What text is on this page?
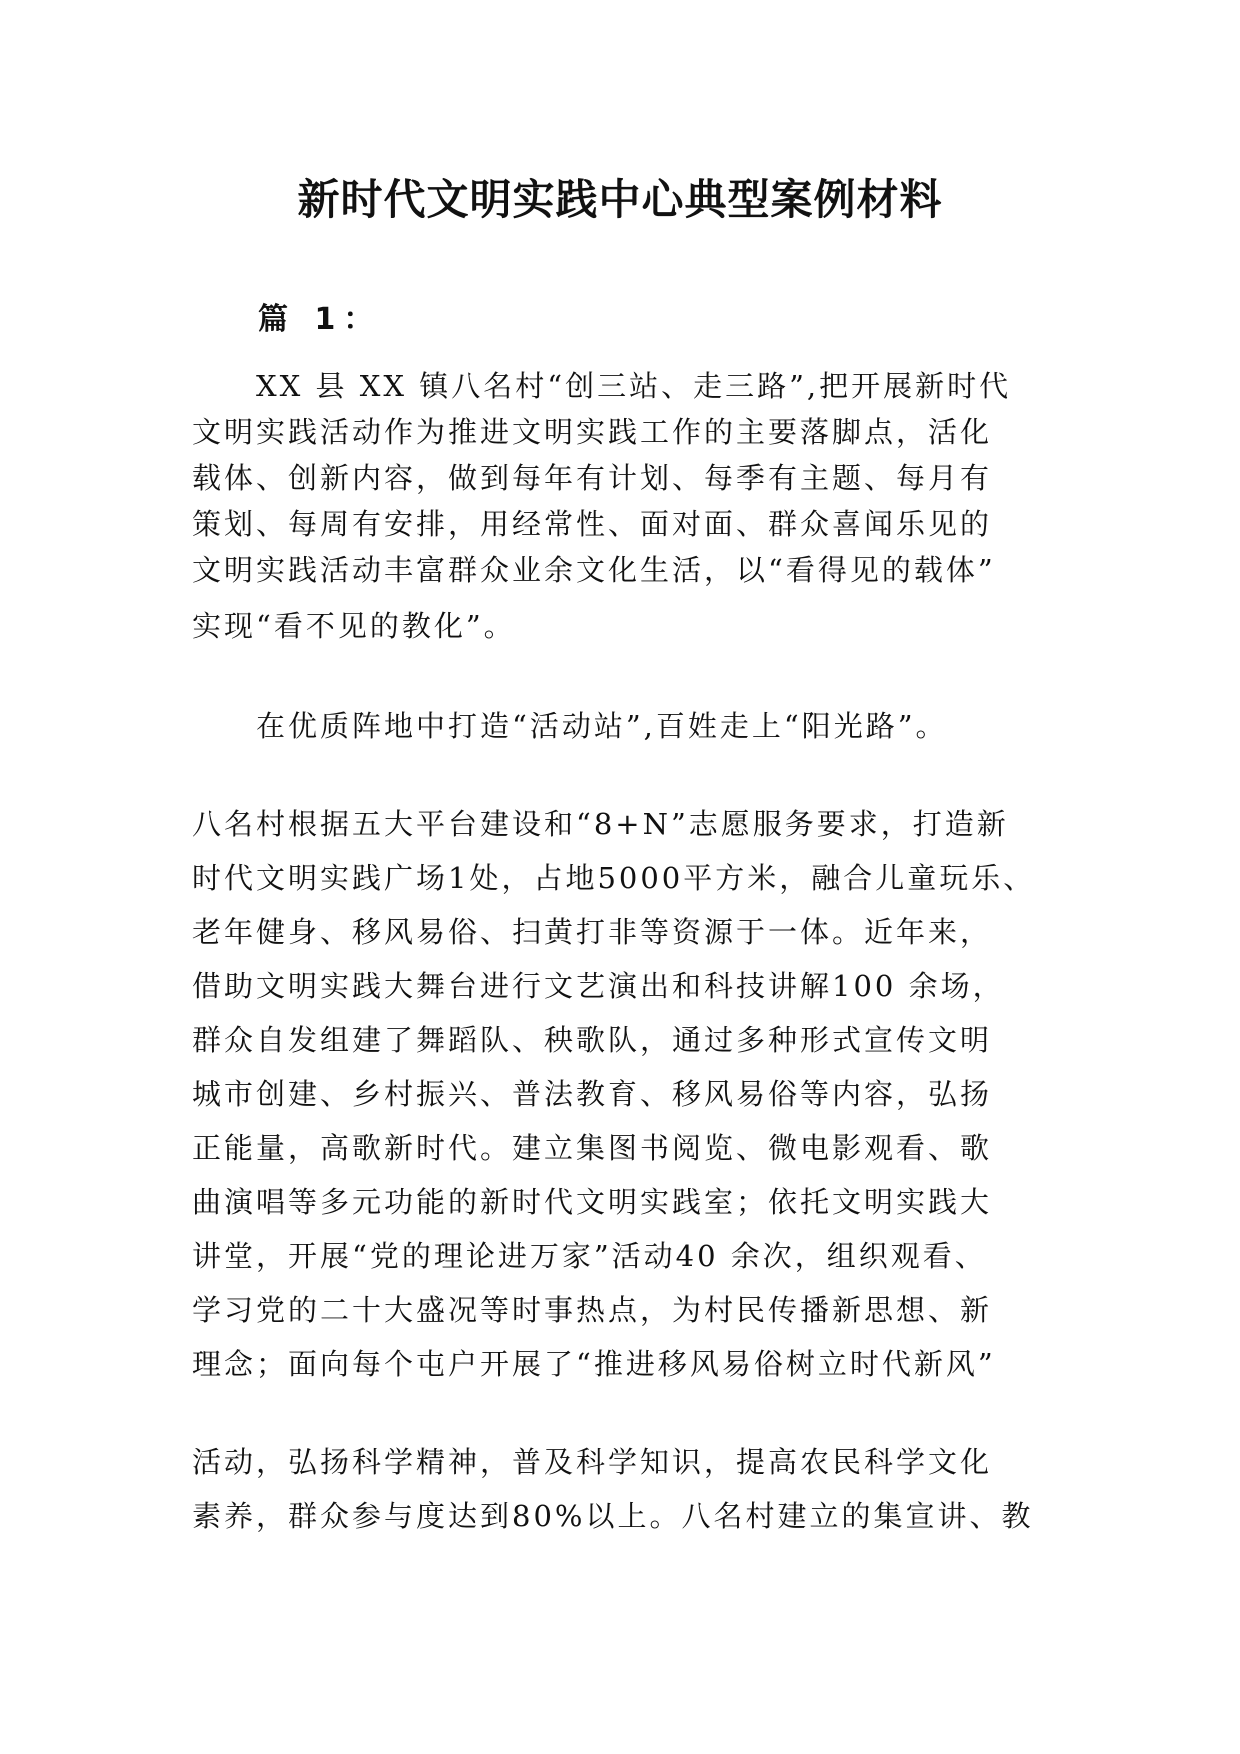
新时代文明实践中心典型案例材料
篇 1：
XX 县 XX 镇八名村“创三站、走三路”,把开展新时代
文明实践活动作为推进文明实践工作的主要落脚点，活化
载体、创新内容，做到每年有计划、每季有主题、每月有
策划、每周有安排，用经常性、面对面、群众喜闻乐见的
文明实践活动丰富群众业余文化生活，以“看得见的载体”
实现“看不见的教化”。
在优质阵地中打造“活动站”,百姓走上“阳光路”。
八名村根据五大平台建设和“8+N”志愿服务要求，打造新
时代文明实践广场1处，占地5000平方米，融合儿童玩乐、
老年健身、移风易俗、扫黄打非等资源于一体。近年来，
借助文明实践大舞台进行文艺演出和科技讲解100 余场，
群众自发组建了舞蹈队、秧歌队，通过多种形式宣传文明
城市创建、乡村振兴、普法教育、移风易俗等内容，弘扬
正能量，高歌新时代。建立集图书阅览、微电影观看、歌
曲演唱等多元功能的新时代文明实践室；依托文明实践大
讲堂，开展“党的理论进万家”活动40 余次，组织观看、
学习党的二十大盛况等时事热点，为村民传播新思想、新
理念；面向每个屯户开展了“推进移风易俗树立时代新风”
活动，弘扬科学精神，普及科学知识，提高农民科学文化
素养，群众参与度达到80%以上。八名村建立的集宣讲、教
